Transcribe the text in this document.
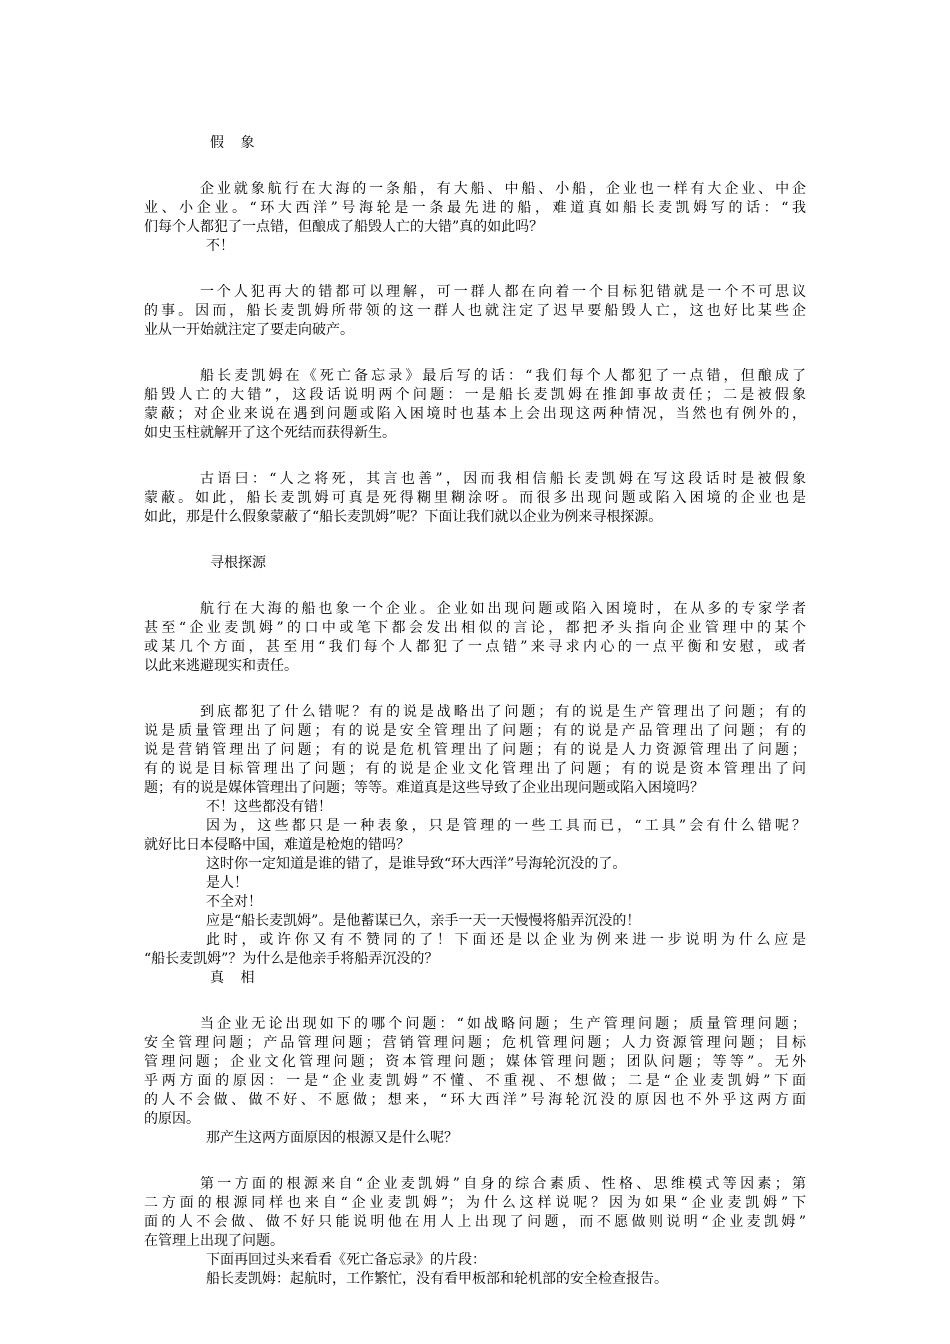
假 象
企业就象航行在大海的一条船，有大船、中船、小船，企业也一样有大企业、中企
业、小企业。“环大西洋”号海轮是一条最先进的船，难道真如船长麦凯姆写的话：“我
们每个人都犯了一点错，但酿成了船毁人亡的大错”真的如此吗？
不！
一个人犯再大的错都可以理解，可一群人都在向着一个目标犯错就是一个不可思议
的事。因而，船长麦凯姆所带领的这一群人也就注定了迟早要船毁人亡，这也好比某些企
业从一开始就注定了要走向破产。
船长麦凯姆在《死亡备忘录》最后写的话：“我们每个人都犯了一点错，但酿成了
船毁人亡的大错”，这段话说明两个问题：一是船长麦凯姆在推卸事故责任；二是被假象
蒙蔽；对企业来说在遇到问题或陷入困境时也基本上会出现这两种情况，当然也有例外的，
如史玉柱就解开了这个死结而获得新生。
古语曰：“人之将死，其言也善”，因而我相信船长麦凯姆在写这段话时是被假象
蒙蔽。如此，船长麦凯姆可真是死得糊里糊涂呀。而很多出现问题或陷入困境的企业也是
如此，那是什么假象蒙蔽了“船长麦凯姆”呢？下面让我们就以企业为例来寻根探源。
寻根探源
航行在大海的船也象一个企业。企业如出现问题或陷入困境时，在从多的专家学者
甚至“企业麦凯姆”的口中或笔下都会发出相似的言论，都把矛头指向企业管理中的某个
或某几个方面，甚至用“我们每个人都犯了一点错”来寻求内心的一点平衡和安慰，或者
以此来逃避现实和责任。
到底都犯了什么错呢？有的说是战略出了问题；有的说是生产管理出了问题；有的
说是质量管理出了问题；有的说是安全管理出了问题；有的说是产品管理出了问题；有的
说是营销管理出了问题；有的说是危机管理出了问题；有的说是人力资源管理出了问题；
有的说是目标管理出了问题；有的说是企业文化管理出了问题；有的说是资本管理出了问
题；有的说是媒体管理出了问题；等等。难道真是这些导致了企业出现问题或陷入困境吗？
不！这些都没有错！
因为，这些都只是一种表象，只是管理的一些工具而已，“工具”会有什么错呢？
就好比日本侵略中国，难道是枪炮的错吗？
这时你一定知道是谁的错了，是谁导致“环大西洋”号海轮沉没的了。
是人！
不全对！
应是“船长麦凯姆”。是他蓄谋已久，亲手一天一天慢慢将船弄沉没的！
此时，或许你又有不赞同的了！下面还是以企业为例来进一步说明为什么应是
“船长麦凯姆”？为什么是他亲手将船弄沉没的？
真 相
当企业无论出现如下的哪个问题：“如战略问题；生产管理问题；质量管理问题；
安全管理问题；产品管理问题；营销管理问题；危机管理问题；人力资源管理问题；目标
管理问题；企业文化管理问题；资本管理问题；媒体管理问题；团队问题；等等”。无外
乎两方面的原因：一是“企业麦凯姆”不懂、不重视、不想做；二是“企业麦凯姆”下面
的人不会做、做不好、不愿做；想来，“环大西洋”号海轮沉没的原因也不外乎这两方面
的原因。
那产生这两方面原因的根源又是什么呢？
第一方面的根源来自“企业麦凯姆”自身的综合素质、性格、思维模式等因素；第
二方面的根源同样也来自“企业麦凯姆”；为什么这样说呢？因为如果“企业麦凯姆”下
面的人不会做、做不好只能说明他在用人上出现了问题，而不愿做则说明“企业麦凯姆”
在管理上出现了问题。
下面再回过头来看看《死亡备忘录》的片段：
船长麦凯姆：起航时，工作繁忙，没有看甲板部和轮机部的安全检查报告。
